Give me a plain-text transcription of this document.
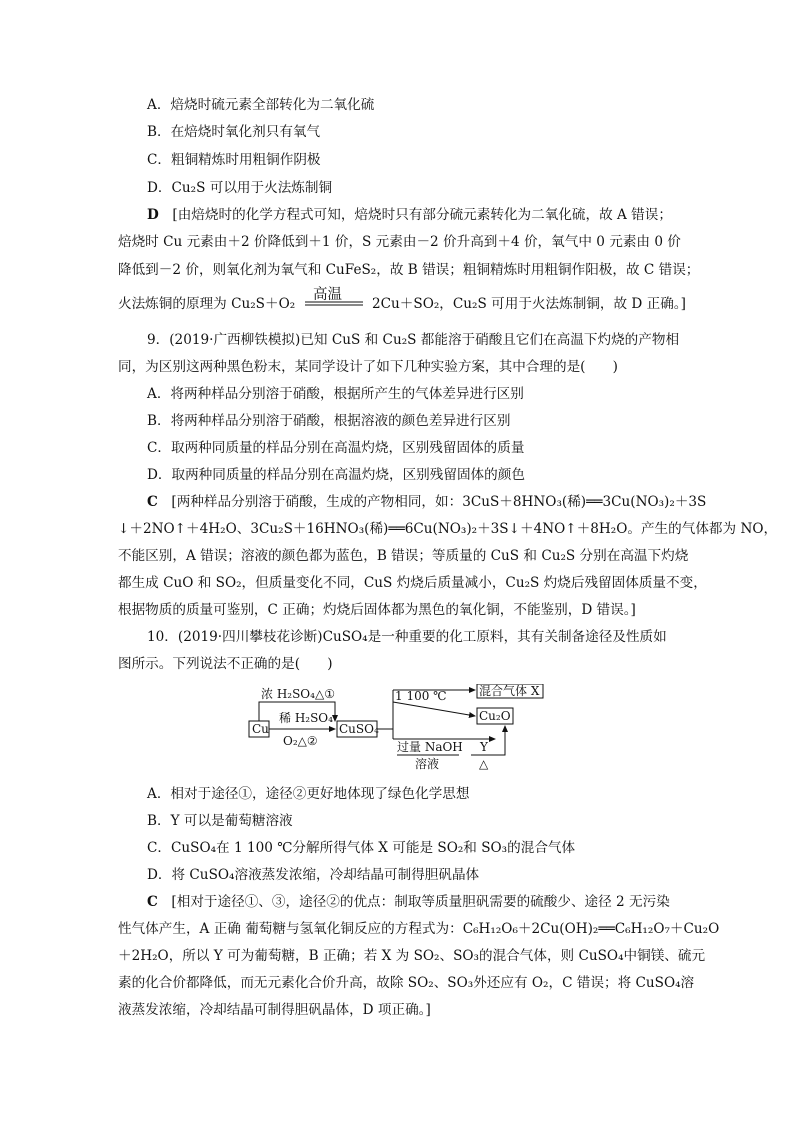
A．焙烧时硫元素全部转化为二氧化硫
B．在焙烧时氧化剂只有氧气
C．粗铜精炼时用粗铜作阴极
D．Cu₂S 可以用于火法炼制铜
D　 [由焙烧时的化学方程式可知，焙烧时只有部分硫元素转化为二氧化硫，故 A 错误；
焙烧时 Cu 元素由＋2 价降低到＋1 价，S 元素由－2 价升高到＋4 价，氧气中 0 元素由 0 价
降低到－2 价，则氧化剂为氧气和 CuFeS₂，故 B 错误；粗铜精炼时用粗铜作阳极，故 C 错误；
火法炼铜的原理为 Cu₂S＋O₂
高温
2Cu＋SO₂，Cu₂S 可用于火法炼制铜，故 D 正确。]
9．(2019·广西柳铁模拟)已知 CuS 和 Cu₂S 都能溶于硝酸且它们在高温下灼烧的产物相
同，为区别这两种黑色粉末，某同学设计了如下几种实验方案，其中合理的是(　　)
A．将两种样品分别溶于硝酸，根据所产生的气体差异进行区别
B．将两种样品分别溶于硝酸，根据溶液的颜色差异进行区别
C．取两种同质量的样品分别在高温灼烧，区别残留固体的质量
D．取两种同质量的样品分别在高温灼烧，区别残留固体的颜色
C　 [两种样品分别溶于硝酸，生成的产物相同，如：3CuS＋8HNO₃(稀)══3Cu(NO₃)₂＋3S
↓＋2NO↑＋4H₂O、3Cu₂S＋16HNO₃(稀)══6Cu(NO₃)₂＋3S↓＋4NO↑＋8H₂O。产生的气体都为 NO，
不能区别，A 错误；溶液的颜色都为蓝色，B 错误；等质量的 CuS 和 Cu₂S 分别在高温下灼烧
都生成 CuO 和 SO₂，但质量变化不同，CuS 灼烧后质量减小，Cu₂S 灼烧后残留固体质量不变，
根据物质的质量可鉴别，C 正确；灼烧后固体都为黑色的氧化铜，不能鉴别，D 错误。]
10．(2019·四川攀枝花诊断)CuSO₄是一种重要的化工原料，其有关制备途径及性质如
图所示。下列说法不正确的是(　　)
Cu
浓 H₂SO₄△①
稀 H₂SO₄
O₂△②
CuSO₄
1 100 ℃	混合气体 X
Cu₂O
过量 NaOH
溶液
Y
△
A．相对于途径①，途径②更好地体现了绿色化学思想
B．Y 可以是葡萄糖溶液
C．CuSO₄在 1 100 ℃分解所得气体 X 可能是 SO₂和 SO₃的混合气体
D．将 CuSO₄溶液蒸发浓缩，冷却结晶可制得胆矾晶体
C　 [相对于途径①、③，途径②的优点：制取等质量胆矾需要的硫酸少、途径 2 无污染
性气体产生，A 正确 葡萄糖与氢氧化铜反应的方程式为：C₆H₁₂O₆＋2Cu(OH)₂══C₆H₁₂O₇＋Cu₂O
＋2H₂O，所以 Y 可为葡萄糖，B 正确；若 X 为 SO₂、SO₃的混合气体，则 CuSO₄中铜镁、硫元
素的化合价都降低，而无元素化合价升高，故除 SO₂、SO₃外还应有 O₂，C 错误；将 CuSO₄溶
液蒸发浓缩，冷却结晶可制得胆矾晶体，D 项正确。]
